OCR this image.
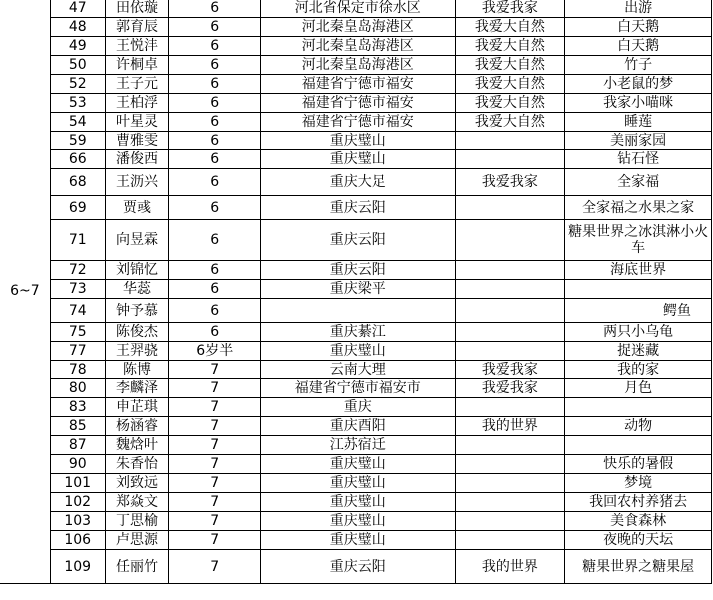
6~7	47	田依璇	6	河北省保定市徐水区	我爱我家	出游
	48	郭育辰	6	河北秦皇岛海港区	我爱大自然	白天鹅
	49	王悦沣	6	河北秦皇岛海港区	我爱大自然	白天鹅
	50	许桐卓	6	河北秦皇岛海港区	我爱大自然	竹子
	52	王子元	6	福建省宁德市福安	我爱大自然	小老鼠的梦
	53	王柏浮	6	福建省宁德市福安	我爱大自然	我家小喵咪
	54	叶星灵	6	福建省宁德市福安	我爱大自然	睡莲
	59	曹雅雯	6	重庆璧山		美丽家园
	66	潘俊西	6	重庆璧山		钻石怪
	68	王沥兴	6	重庆大足	我爱我家	全家福
	69	贾彧	6	重庆云阳		全家福之水果之家
	71	向昱霖	6	重庆云阳		糖果世界之冰淇淋小火车
	72	刘锦忆	6	重庆云阳		海底世界
	73	华蕊	6	重庆梁平		
	74	钟予慕	6			鳄鱼
	75	陈俊杰	6	重庆綦江		两只小乌龟
	77	王羿骁	6岁半	重庆璧山		捉迷藏
	78	陈博	7	云南大理	我爱我家	我的家
	80	李麟泽	7	福建省宁德市福安市	我爱我家	月色
	83	申芷琪	7	重庆		
	85	杨涵睿	7	重庆酉阳	我的世界	动物
	87	魏焓叶	7	江苏宿迁		
	90	朱香怡	7	重庆璧山		快乐的暑假
	101	刘致远	7	重庆璧山		梦境
	102	郑焱文	7	重庆璧山		我回农村养猪去
	103	丁思榆	7	重庆璧山		美食森林
	106	卢思源	7	重庆璧山		夜晚的天坛
	109	任丽竹	7	重庆云阳	我的世界	糖果世界之糖果屋
